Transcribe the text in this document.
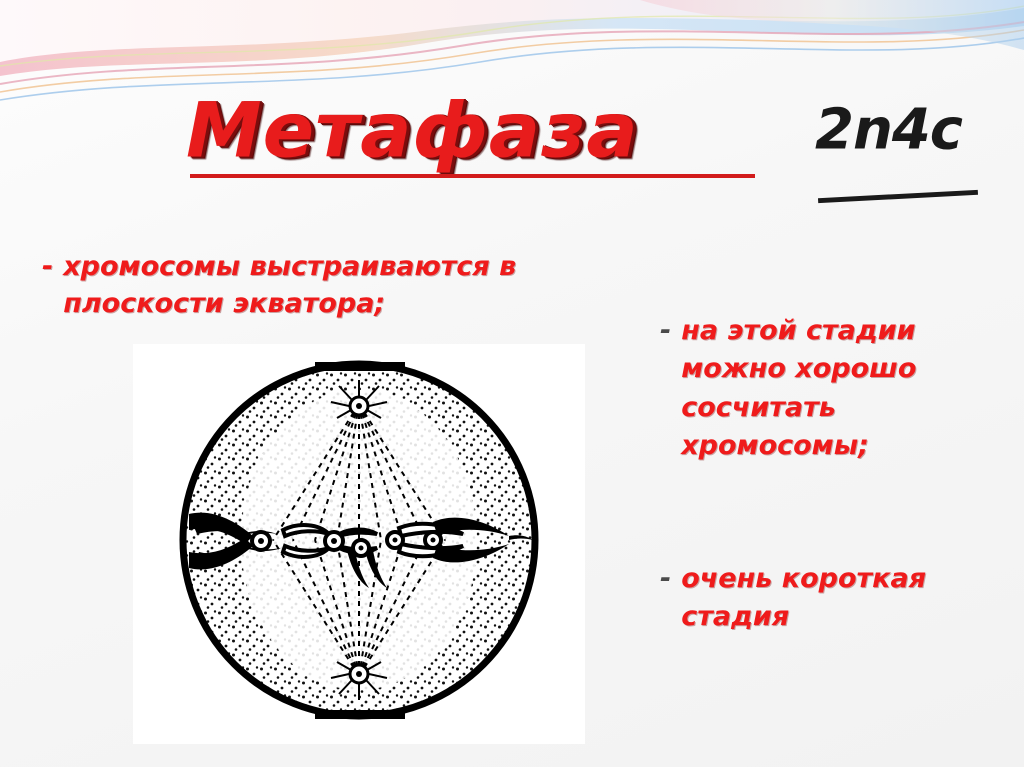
Метафаза	2n4c
- хромосомы выстраиваются в плоскости экватора;
- на этой стадии можно хорошо сосчитать хромосомы;
- очень короткая стадия
